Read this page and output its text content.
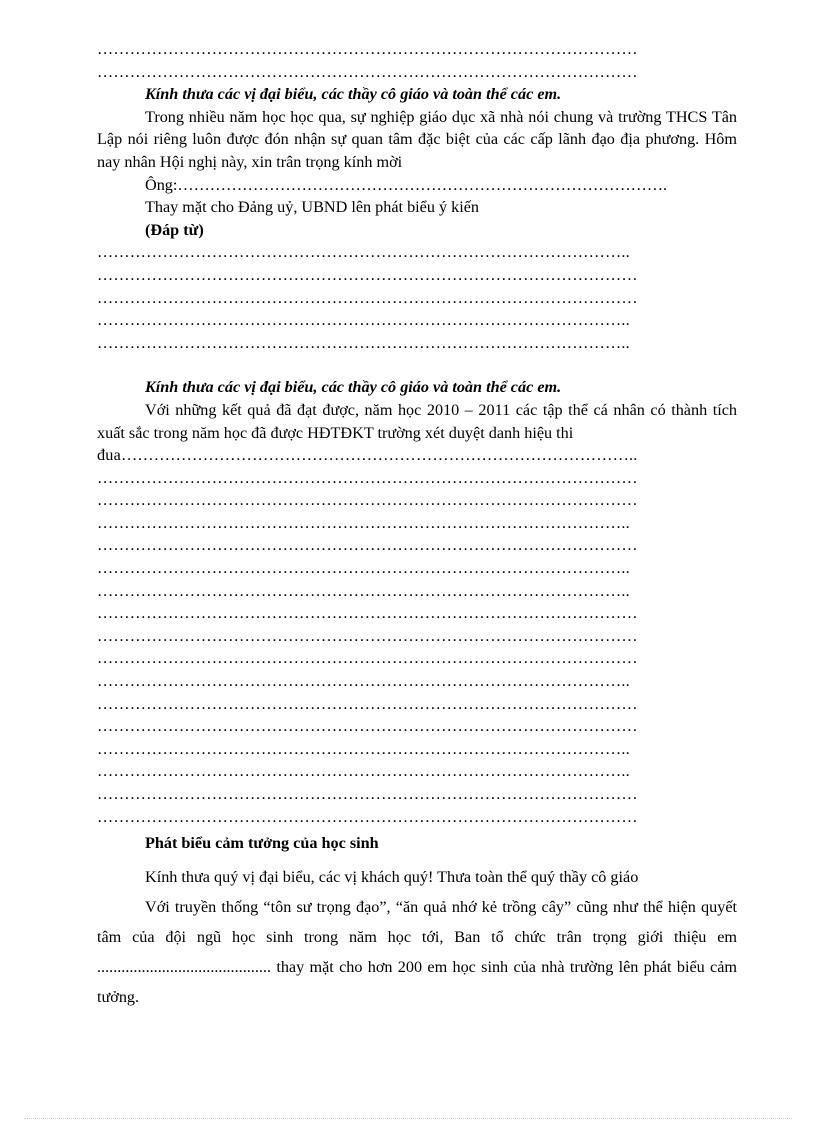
………………………………………………………………………………………
………………………………………………………………………………………

Kính thưa các vị đại biểu, các thầy cô giáo và toàn thể các em.

Trong nhiều năm học học qua, sự nghiệp giáo dục xã nhà nói chung và trường THCS Tân Lập nói riêng luôn được đón nhận sự quan tâm đặc biệt của các cấp lãnh đạo địa phương. Hôm nay nhân Hội nghị này, xin trân trọng kính mời

Ông:……………………………………………………………………………….

Thay mặt cho Đảng uỷ, UBND lên phát biểu ý kiến

(Đáp từ)

……………………………………………………………………………………..
………………………………………………………………………………………
………………………………………………………………………………………
……………………………………………………………………………………..
……………………………………………………………………………………..

Kính thưa các vị đại biểu, các thầy cô giáo và toàn thể các em.

Với những kết quả đã đạt được, năm học 2010 – 2011 các tập thể cá nhân có thành tích xuất sắc trong năm học đã được HĐTĐKT trường xét duyệt danh hiệu thi

đua…………………………………………………………………………………..
………………………………………………………………………………………
………………………………………………………………………………………
……………………………………………………………………………………..
………………………………………………………………………………………
……………………………………………………………………………………..
……………………………………………………………………………………..
………………………………………………………………………………………
………………………………………………………………………………………
………………………………………………………………………………………
……………………………………………………………………………………..
………………………………………………………………………………………
………………………………………………………………………………………
……………………………………………………………………………………..
……………………………………………………………………………………..
………………………………………………………………………………………
………………………………………………………………………………………

Phát biểu cảm tưởng của học sinh

Kính thưa quý vị đại biểu, các vị khách quý! Thưa toàn thể quý thầy cô giáo

Với truyền thống “tôn sư trọng đạo”, “ăn quả nhớ kẻ trồng cây” cũng như thể hiện quyết tâm của đội ngũ học sinh trong năm học tới, Ban tổ chức trân trọng giới thiệu em ........................................... thay mặt cho hơn 200 em học sinh của nhà trường lên phát biểu cảm tưởng.
